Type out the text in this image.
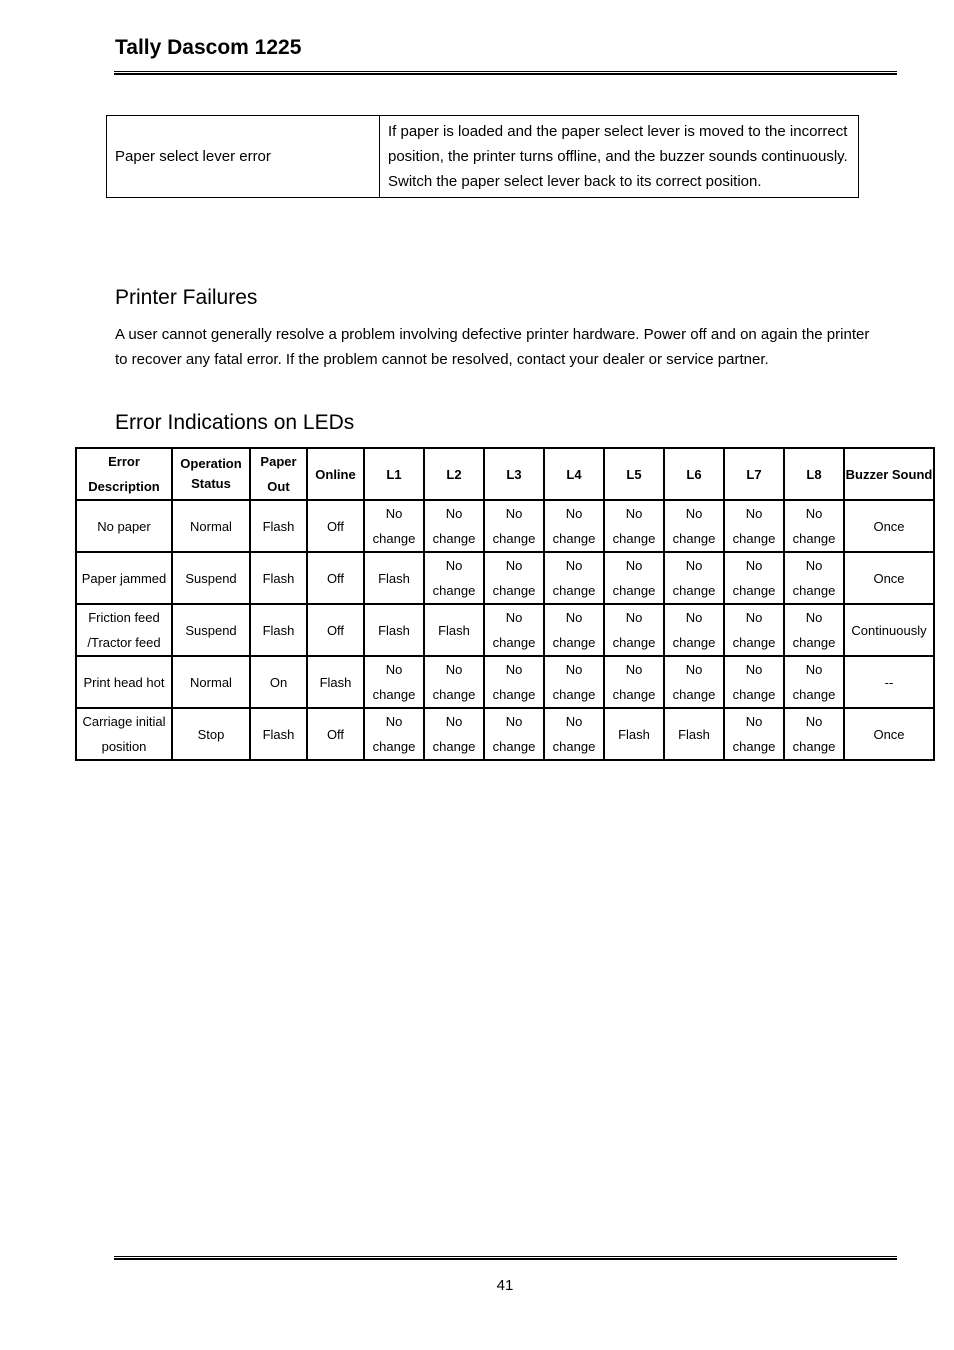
Tally Dascom 1225
Paper select lever error	If paper is loaded and the paper select lever is moved to the incorrect position, the printer turns offline, and the buzzer sounds continuously. Switch the paper select lever back to its correct position.
Printer Failures
A user cannot generally resolve a problem involving defective printer hardware. Power off and on again the printer to recover any fatal error. If the problem cannot be resolved, contact your dealer or service partner.
Error Indications on LEDs
Error Description	Operation Status	Paper Out	Online	L1	L2	L3	L4	L5	L6	L7	L8	Buzzer Sound
No paper	Normal	Flash	Off	No change	No change	No change	No change	No change	No change	No change	No change	Once
Paper jammed	Suspend	Flash	Off	Flash	No change	No change	No change	No change	No change	No change	No change	Once
Friction feed /Tractor feed	Suspend	Flash	Off	Flash	Flash	No change	No change	No change	No change	No change	No change	Continuously
Print head hot	Normal	On	Flash	No change	No change	No change	No change	No change	No change	No change	No change	--
Carriage initial position	Stop	Flash	Off	No change	No change	No change	No change	Flash	Flash	No change	No change	Once
41
